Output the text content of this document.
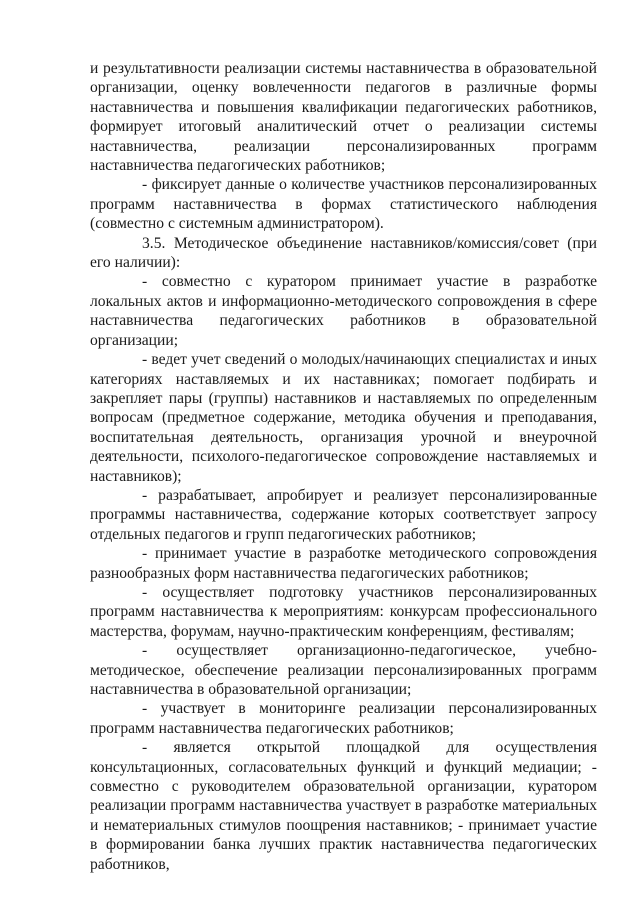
и результативности реализации системы наставничества в образовательной организации, оценку вовлеченности педагогов в различные формы наставничества и повышения квалификации педагогических работников, формирует итоговый аналитический отчет о реализации системы наставничества, реализации персонализированных программ наставничества педагогических работников;

- фиксирует данные о количестве участников персонализированных программ наставничества в формах статистического наблюдения (совместно с системным администратором).

3.5. Методическое объединение наставников/комиссия/совет (при его наличии):

- совместно с куратором принимает участие в разработке локальных актов и информационно-методического сопровождения в сфере наставничества педагогических работников в образовательной организации;

- ведет учет сведений о молодых/начинающих специалистах и иных категориях наставляемых и их наставниках; помогает подбирать и закрепляет пары (группы) наставников и наставляемых по определенным вопросам (предметное содержание, методика обучения и преподавания, воспитательная деятельность, организация урочной и внеурочной деятельности, психолого-педагогическое сопровождение наставляемых и наставников);

- разрабатывает, апробирует и реализует персонализированные программы наставничества, содержание которых соответствует запросу отдельных педагогов и групп педагогических работников;

- принимает участие в разработке методического сопровождения разнообразных форм наставничества педагогических работников;

- осуществляет подготовку участников персонализированных программ наставничества к мероприятиям: конкурсам профессионального мастерства, форумам, научно-практическим конференциям, фестивалям;

- осуществляет организационно-педагогическое, учебно-методическое, обеспечение реализации персонализированных программ наставничества в образовательной организации;

- участвует в мониторинге реализации персонализированных программ наставничества педагогических работников;

- является открытой площадкой для осуществления консультационных, согласовательных функций и функций медиации; - совместно с руководителем образовательной организации, куратором реализации программ наставничества участвует в разработке материальных и нематериальных стимулов поощрения наставников; - принимает участие в формировании банка лучших практик наставничества педагогических работников,
